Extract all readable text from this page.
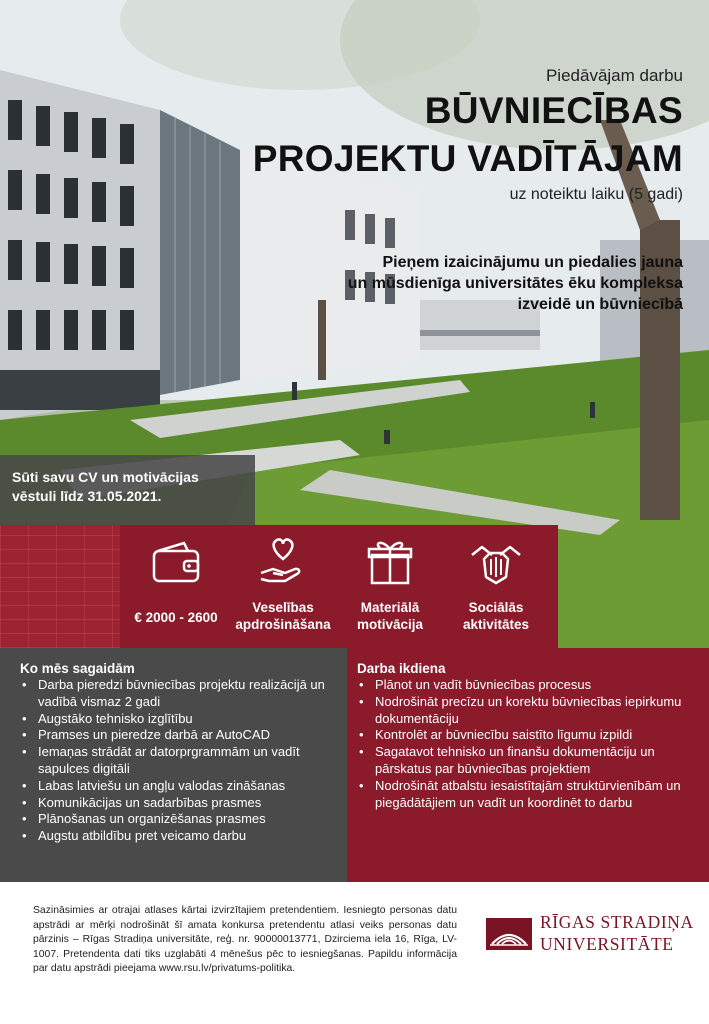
Piedāvājam darbu
BŪVNIECĪBAS
PROJEKTU VADĪTĀJAM
uz noteiktu laiku (5 gadi)
Pieņem izaicinājumu un piedalies jauna
un mūsdienīga universitātes ēku kompleksa
izveidē un būvniecībā
Sūti savu CV un motivācijas
vēstuli līdz 31.05.2021.
€ 2000 - 2600
Veselības
apdrošināšana
Materiālā
motivācija
Sociālās
aktivitātes
Ko mēs sagaidām
• Darba pieredzi būvniecības projektu realizācijā un vadībā vismaz 2 gadi
• Augstāko tehnisko izglītību
• Pramses un pieredze darbā ar AutoCAD
• Iemaņas strādāt ar datorprgrammām un vadīt sapulces digitāli
• Labas latviešu un angļu valodas zināšanas
• Komunikācijas un sadarbības prasmes
• Plānošanas un organizēšanas prasmes
• Augstu atbildību pret veicamo darbu
Darba ikdiena
• Plānot un vadīt būvniecības procesus
• Nodrošināt precīzu un korektu būvniecības iepirkumu dokumentāciju
• Kontrolēt ar būvniecību saistīto līgumu izpildi
• Sagatavot tehnisko un finanšu dokumentāciju un pārskatus par būvniecības projektiem
• Nodrošināt atbalstu iesaistītajām struktūrvienībām un piegādātājiem un vadīt un koordinēt to darbu
Sazināsimies ar otrajai atlases kārtai izvirzītajiem pretendentiem. Iesniegto personas datu apstrādi ar mērķi nodrošināt šī amata konkursa pretendentu atlasi veiks personas datu pārzinis – Rīgas Stradiņa universitāte, reģ. nr. 90000013771, Dzirciema iela 16, Rīga, LV-1007. Pretendenta dati tiks uzglabāti 4 mēnešus pēc to iesniegšanas. Papildu informācija par datu apstrādi pieejama www.rsu.lv/privatums-politika.
RĪGAS STRADIŅA
UNIVERSITĀTE
